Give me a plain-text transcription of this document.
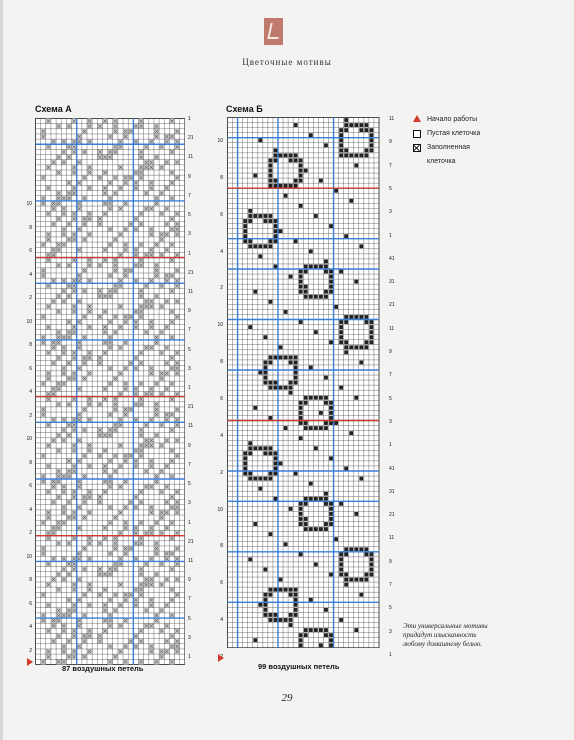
Цветочные мотивы
Схема А
10
8
6
4
2
10
8
6
4
2
10
8
6
4
2
10
8
6
4
2
1
21
11
9
7
5
3
1
21
11
9
7
5
3
1
21
11
9
7
5
3
1
21
11
9
7
5
3
1
87 воздушных петель
Схема Б
10
8
6
4
2
10
8
6
4
2
10
8
6
4
2
11
9
7
5
3
1
41
31
21
11
9
7
5
3
1
41
31
21
11
9
7
5
3
1
99 воздушных петель
Начало работы
Пустая клеточка
Заполненная
клеточка
Эти универсальные мотивы придадут изысканность любому домашнему белью.
29
